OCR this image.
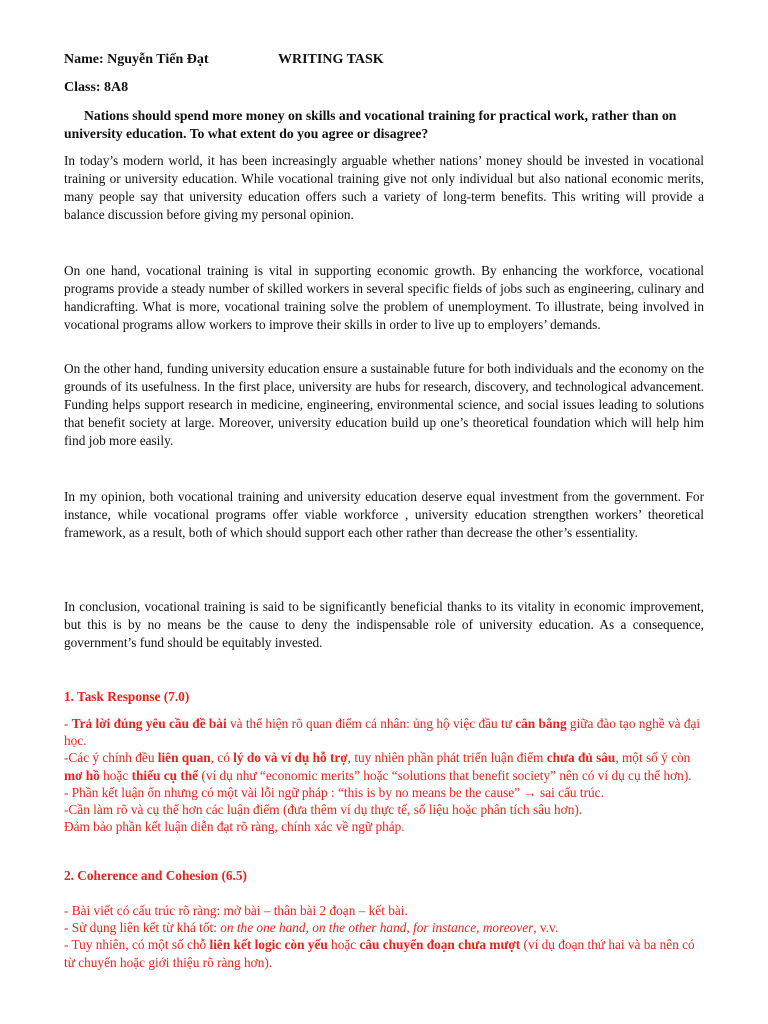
Name: Nguyễn Tiến Đạt	WRITING TASK
Class: 8A8
Nations should spend more money on skills and vocational training for practical work, rather than on university education. To what extent do you agree or disagree?
In today’s modern world, it has been increasingly arguable whether nations’ money should be invested in vocational training or university education. While vocational training give not only individual but also national economic merits, many people say that university education offers such a variety of long-term benefits. This writing will provide a balance discussion before giving my personal opinion.
On one hand, vocational training is vital in supporting economic growth. By enhancing the workforce, vocational programs provide a steady number of skilled workers in several specific fields of jobs such as engineering, culinary and handicrafting. What is more, vocational training solve the problem of unemployment. To illustrate, being involved in vocational programs allow workers to improve their skills in order to live up to employers’ demands.
On the other hand, funding university education ensure a sustainable future for both individuals and the economy on the grounds of its usefulness. In the first place, university are hubs for research, discovery, and technological advancement. Funding helps support research in medicine, engineering, environmental science, and social issues leading to solutions that benefit society at large. Moreover, university education build up one’s theoretical foundation which will help him find job more easily.
In my opinion, both vocational training and university education deserve equal investment from the government. For instance, while vocational programs offer viable workforce , university education strengthen workers’ theoretical framework, as a result, both of which should support each other rather than decrease the other’s essentiality.
In conclusion, vocational training is said to be significantly beneficial thanks to its vitality in economic improvement, but this is by no means be the cause to deny the indispensable role of university education. As a consequence, government’s fund should be equitably invested.
1. Task Response (7.0)

- Trả lời đúng yêu cầu đề bài và thể hiện rõ quan điểm cá nhân: ủng hộ việc đầu tư cân bằng giữa đào tạo nghề và đại học.

-Các ý chính đều liên quan, có lý do và ví dụ hỗ trợ, tuy nhiên phần phát triển luận điểm chưa đủ sâu, một số ý còn mơ hồ hoặc thiếu cụ thể (ví dụ như “economic merits” hoặc “solutions that benefit society” nên có ví dụ cụ thể hơn).

- Phần kết luận ổn nhưng có một vài lỗi ngữ pháp : “this is by no means be the cause” → sai cấu trúc.

-Cần làm rõ và cụ thể hơn các luận điểm (đưa thêm ví dụ thực tế, số liệu hoặc phân tích sâu hơn).

Đảm bảo phần kết luận diễn đạt rõ ràng, chính xác về ngữ pháp.

2. Coherence and Cohesion (6.5)

- Bài viết có cấu trúc rõ ràng: mở bài – thân bài 2 đoạn – kết bài.

- Sử dụng liên kết từ khá tốt: on the one hand, on the other hand, for instance, moreover, v.v.

- Tuy nhiên, có một số chỗ liên kết logic còn yếu hoặc câu chuyển đoạn chưa mượt (ví dụ đoạn thứ hai và ba nên có từ chuyển hoặc giới thiệu rõ ràng hơn).
